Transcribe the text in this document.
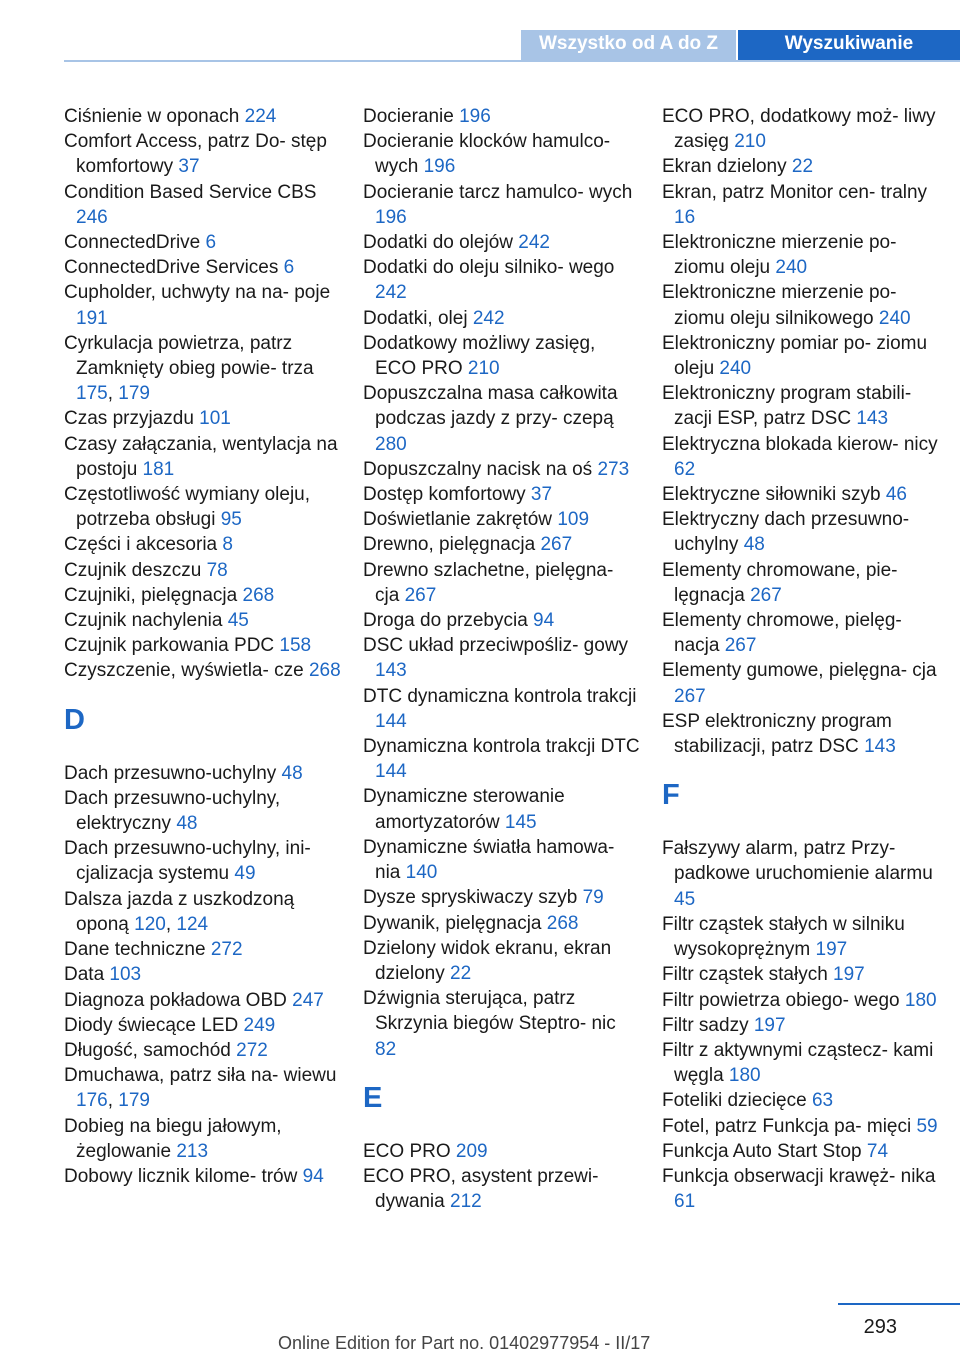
Wszystko od A do Z	Wyszukiwanie
Ciśnienie w oponach 224
Comfort Access, patrz Do‐ stęp komfortowy 37
Condition Based Service CBS 246
ConnectedDrive 6
ConnectedDrive Services 6
Cupholder, uchwyty na na‐ poje 191
Cyrkulacja powietrza, patrz Zamknięty obieg powie‐ trza 175, 179
Czas przyjazdu 101
Czasy załączania, wentylacja na postoju 181
Częstotliwość wymiany oleju, potrzeba obsługi 95
Części i akcesoria 8
Czujnik deszczu 78
Czujniki, pielęgnacja 268
Czujnik nachylenia 45
Czujnik parkowania PDC 158
Czyszczenie, wyświetla‐ cze 268
D
Dach przesuwno-uchylny 48
Dach przesuwno-uchylny, elektryczny 48
Dach przesuwno-uchylny, ini‐ cjalizacja systemu 49
Dalsza jazda z uszkodzoną oponą 120, 124
Dane techniczne 272
Data 103
Diagnoza pokładowa OBD 247
Diody świecące LED 249
Długość, samochód 272
Dmuchawa, patrz siła na‐ wiewu 176, 179
Dobieg na biegu jałowym, żeglowanie 213
Dobowy licznik kilome‐ trów 94
Docieranie 196
Docieranie klocków hamulco‐ wych 196
Docieranie tarcz hamulco‐ wych 196
Dodatki do olejów 242
Dodatki do oleju silniko‐ wego 242
Dodatki, olej 242
Dodatkowy możliwy zasięg, ECO PRO 210
Dopuszczalna masa całkowita podczas jazdy z przy‐ czepą 280
Dopuszczalny nacisk na oś 273
Dostęp komfortowy 37
Doświetlanie zakrętów 109
Drewno, pielęgnacja 267
Drewno szlachetne, pielęgna‐ cja 267
Droga do przebycia 94
DSC układ przeciwpośliz‐ gowy 143
DTC dynamiczna kontrola trakcji 144
Dynamiczna kontrola trakcji DTC 144
Dynamiczne sterowanie amortyzatorów 145
Dynamiczne światła hamowa‐ nia 140
Dysze spryskiwaczy szyb 79
Dywanik, pielęgnacja 268
Dzielony widok ekranu, ekran dzielony 22
Dźwignia sterująca, patrz Skrzynia biegów Steptro‐ nic 82
E
ECO PRO 209
ECO PRO, asystent przewi‐ dywania 212
ECO PRO, dodatkowy moż‐ liwy zasięg 210
Ekran dzielony 22
Ekran, patrz Monitor cen‐ tralny 16
Elektroniczne mierzenie po‐ ziomu oleju 240
Elektroniczne mierzenie po‐ ziomu oleju silnikowego 240
Elektroniczny pomiar po‐ ziomu oleju 240
Elektroniczny program stabili‐ zacji ESP, patrz DSC 143
Elektryczna blokada kierow‐ nicy 62
Elektryczne siłowniki szyb 46
Elektryczny dach przesuwno- uchylny 48
Elementy chromowane, pie‐ lęgnacja 267
Elementy chromowe, pielęg‐ nacja 267
Elementy gumowe, pielęgna‐ cja 267
ESP elektroniczny program stabilizacji, patrz DSC 143
F
Fałszywy alarm, patrz Przy‐ padkowe uruchomienie alarmu 45
Filtr cząstek stałych w silniku wysokoprężnym 197
Filtr cząstek stałych 197
Filtr powietrza obiego‐ wego 180
Filtr sadzy 197
Filtr z aktywnymi cząstecz‐ kami węgla 180
Foteliki dziecięce 63
Fotel, patrz Funkcja pa‐ mięci 59
Funkcja Auto Start Stop 74
Funkcja obserwacji krawęż‐ nika 61
293
Online Edition for Part no. 01402977954 - II/17
